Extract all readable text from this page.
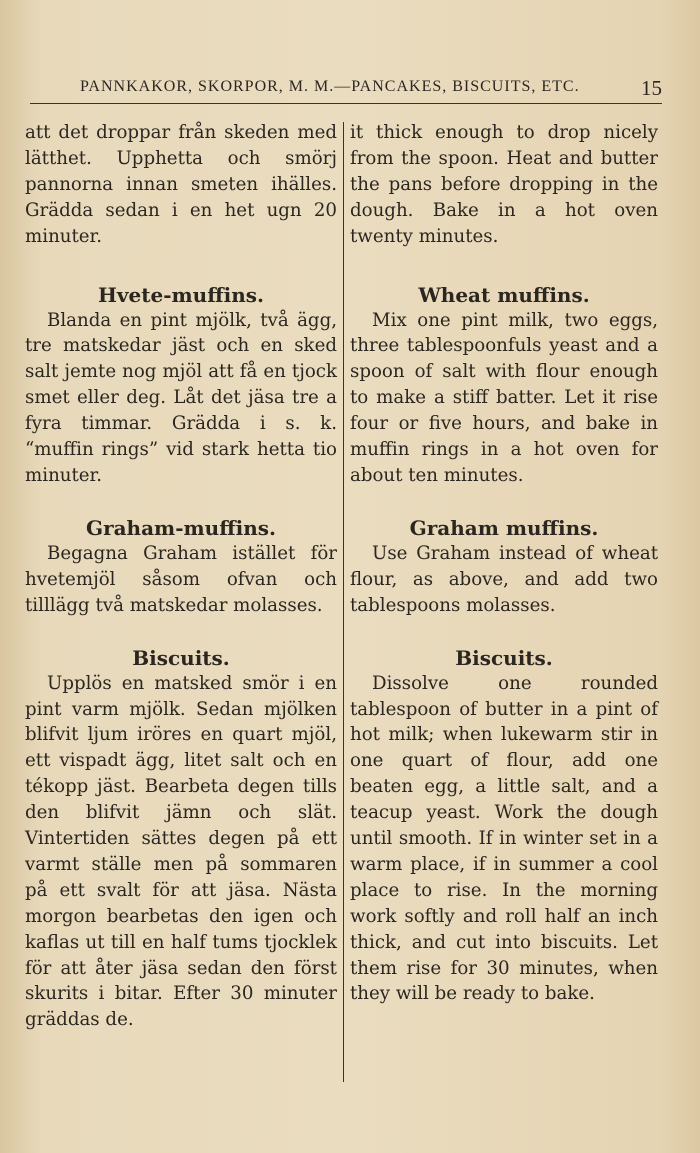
PANNKAKOR, SKORPOR, M. M.—PANCAKES, BISCUITS, ETC.	15

att det droppar från skeden med lätthet. Upphetta och smörj pannorna innan smeten ihälles. Grädda sedan i en het ugn 20 minuter.

Hvete-muffins.

Blanda en pint mjölk, två ägg, tre matskedar jäst och en sked salt jemte nog mjöl att få en tjock smet eller deg. Låt det jäsa tre a fyra timmar. Grädda i s. k. “muffin rings” vid stark hetta tio minuter.

Graham-muffins.

Begagna Graham istället för hvetemjöl såsom ofvan och tilllägg två matskedar molasses.

Biscuits.

Upplös en matsked smör i en pint varm mjölk. Sedan mjölken blifvit ljum iröres en quart mjöl, ett vispadt ägg, litet salt och en tékopp jäst. Bearbeta degen tills den blifvit jämn och slät. Vintertiden sättes degen på ett varmt ställe men på sommaren på ett svalt för att jäsa. Nästa morgon bearbetas den igen och kaflas ut till en half tums tjocklek för att åter jäsa sedan den först skurits i bitar. Efter 30 minuter gräddas de.

it thick enough to drop nicely from the spoon. Heat and butter the pans before dropping in the dough. Bake in a hot oven twenty minutes.

Wheat muffins.

Mix one pint milk, two eggs, three tablespoonfuls yeast and a spoon of salt with flour enough to make a stiff batter. Let it rise four or five hours, and bake in muffin rings in a hot oven for about ten minutes.

Graham muffins.

Use Graham instead of wheat flour, as above, and add two tablespoons molasses.

Biscuits.

Dissolve one rounded tablespoon of butter in a pint of hot milk; when lukewarm stir in one quart of flour, add one beaten egg, a little salt, and a teacup yeast. Work the dough until smooth. If in winter set in a warm place, if in summer a cool place to rise. In the morning work softly and roll half an inch thick, and cut into biscuits. Let them rise for 30 minutes, when they will be ready to bake.
